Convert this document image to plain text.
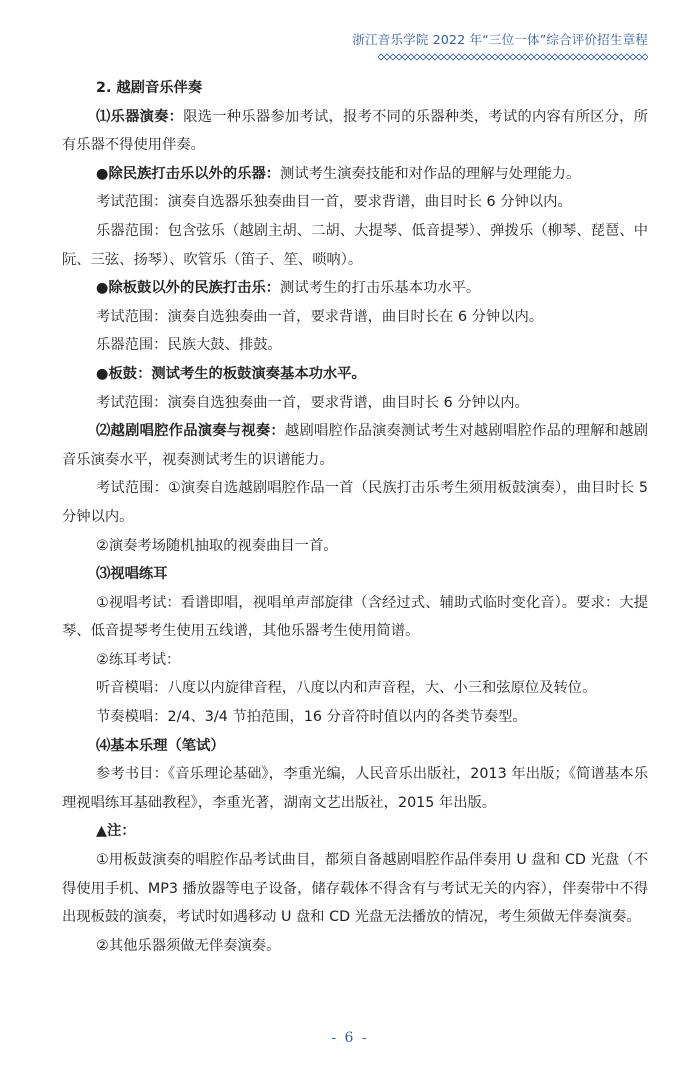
浙江音乐学院 2022 年“三位一体”综合评价招生章程

2. 越剧音乐伴奏

⑴乐器演奏：限选一种乐器参加考试，报考不同的乐器种类，考试的内容有所区分，所有乐器不得使用伴奏。

●除民族打击乐以外的乐器：测试考生演奏技能和对作品的理解与处理能力。

考试范围：演奏自选器乐独奏曲目一首，要求背谱，曲目时长 6 分钟以内。

乐器范围：包含弦乐（越剧主胡、二胡、大提琴、低音提琴）、弹拨乐（柳琴、琵琶、中阮、三弦、扬琴）、吹管乐（笛子、笙、唢呐）。

●除板鼓以外的民族打击乐：测试考生的打击乐基本功水平。

考试范围：演奏自选独奏曲一首，要求背谱，曲目时长在 6 分钟以内。

乐器范围：民族大鼓、排鼓。

●板鼓：测试考生的板鼓演奏基本功水平。

考试范围：演奏自选独奏曲一首，要求背谱，曲目时长 6 分钟以内。

⑵越剧唱腔作品演奏与视奏：越剧唱腔作品演奏测试考生对越剧唱腔作品的理解和越剧音乐演奏水平，视奏测试考生的识谱能力。

考试范围：①演奏自选越剧唱腔作品一首（民族打击乐考生须用板鼓演奏），曲目时长 5 分钟以内。

②演奏考场随机抽取的视奏曲目一首。

⑶视唱练耳

①视唱考试：看谱即唱，视唱单声部旋律（含经过式、辅助式临时变化音）。要求：大提琴、低音提琴考生使用五线谱，其他乐器考生使用简谱。

②练耳考试：

听音模唱：八度以内旋律音程，八度以内和声音程，大、小三和弦原位及转位。

节奏模唱：2/4、3/4 节拍范围，16 分音符时值以内的各类节奏型。

⑷基本乐理（笔试）

参考书目：《音乐理论基础》，李重光编，人民音乐出版社，2013 年出版；《简谱基本乐理视唱练耳基础教程》，李重光著，湖南文艺出版社，2015 年出版。

▲注：

①用板鼓演奏的唱腔作品考试曲目，都须自备越剧唱腔作品伴奏用 U 盘和 CD 光盘（不得使用手机、MP3 播放器等电子设备，储存载体不得含有与考试无关的内容），伴奏带中不得出现板鼓的演奏，考试时如遇移动 U 盘和 CD 光盘无法播放的情况，考生须做无伴奏演奏。

②其他乐器须做无伴奏演奏。

- 6 -
